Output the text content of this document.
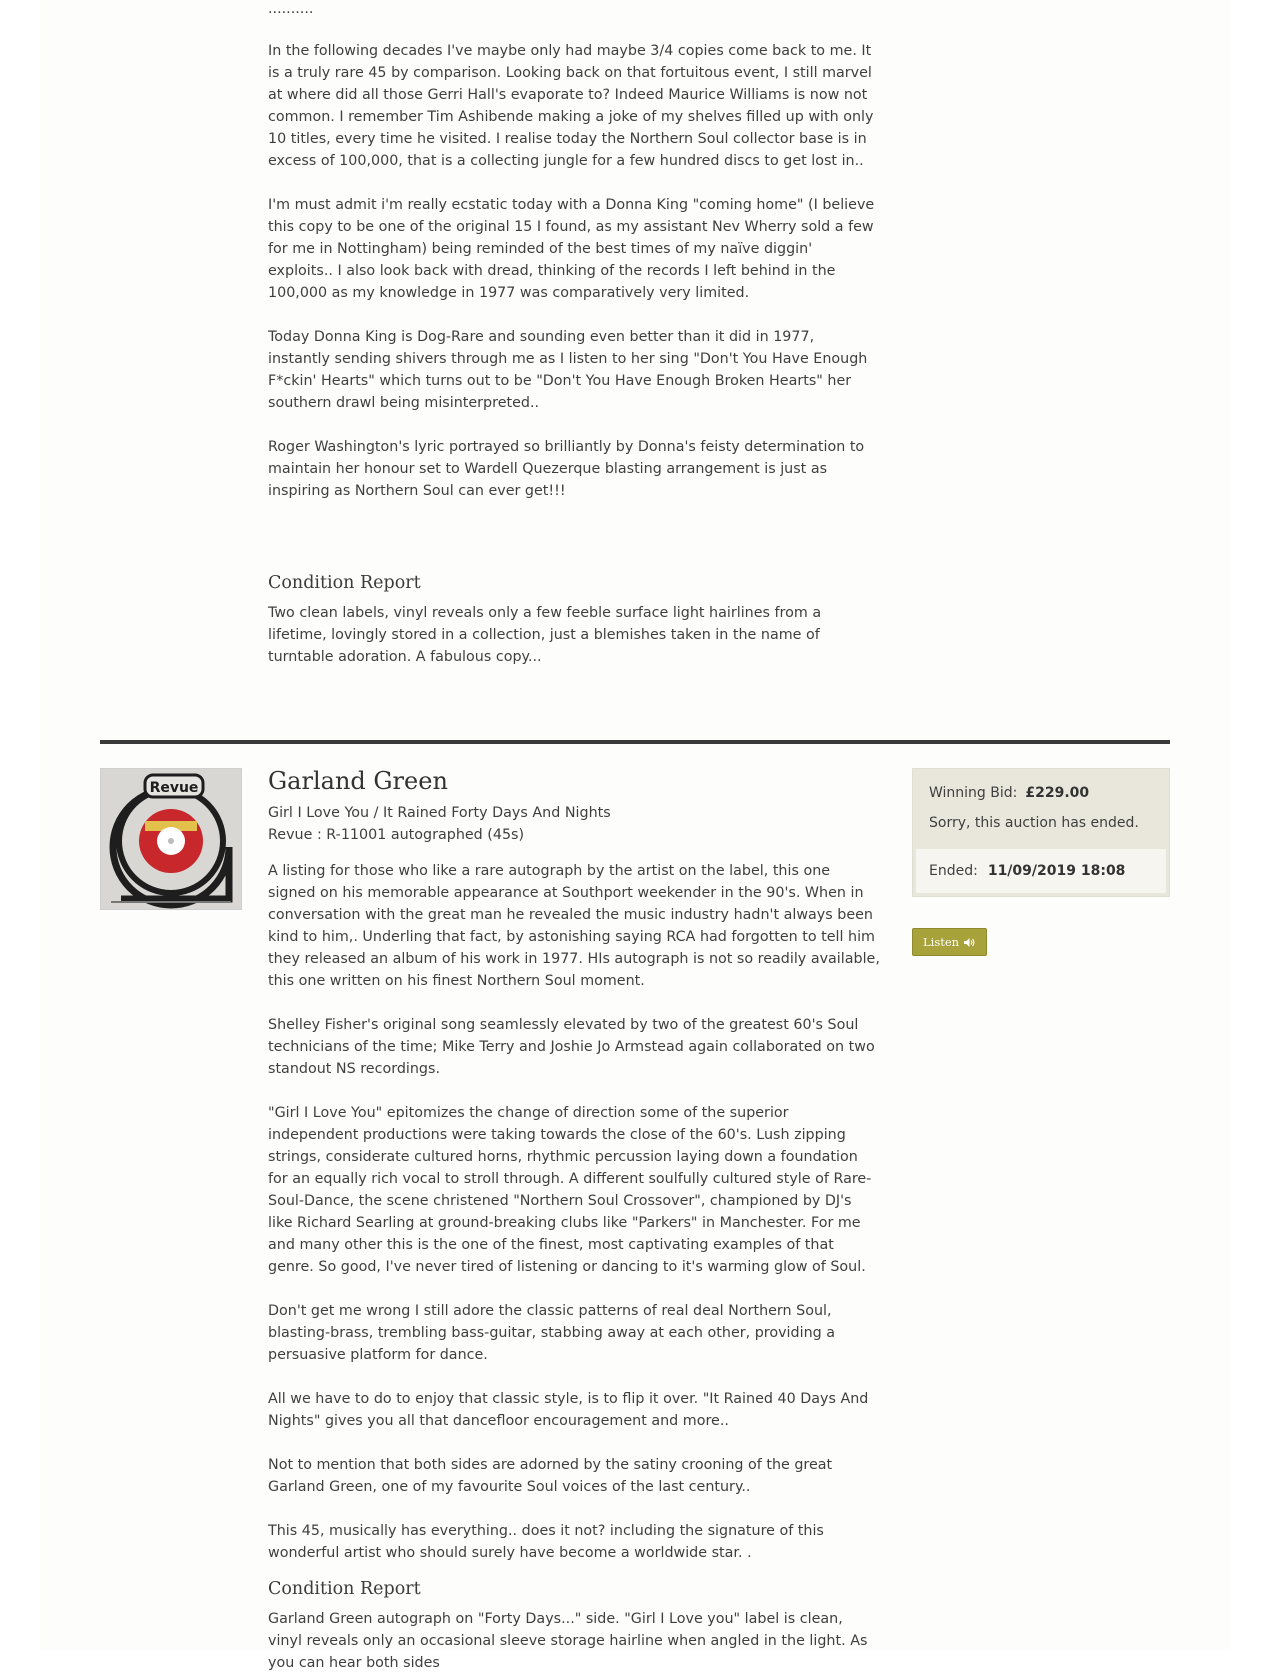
..........

In the following decades I've maybe only had maybe 3/4 copies come back to me. It is a truly rare 45 by comparison. Looking back on that fortuitous event, I still marvel at where did all those Gerri Hall's evaporate to? Indeed Maurice Williams is now not common. I remember Tim Ashibende making a joke of my shelves filled up with only 10 titles, every time he visited. I realise today the Northern Soul collector base is in excess of 100,000, that is a collecting jungle for a few hundred discs to get lost in..

I'm must admit i'm really ecstatic today with a Donna King "coming home" (I believe this copy to be one of the original 15 I found, as my assistant Nev Wherry sold a few for me in Nottingham) being reminded of the best times of my naïve diggin' exploits.. I also look back with dread, thinking of the records I left behind in the 100,000 as my knowledge in 1977 was comparatively very limited.

Today Donna King is Dog-Rare and sounding even better than it did in 1977, instantly sending shivers through me as I listen to her sing "Don't You Have Enough F*ckin' Hearts" which turns out to be "Don't You Have Enough Broken Hearts" her southern drawl being misinterpreted..

Roger Washington's lyric portrayed so brilliantly by Donna's feisty determination to maintain her honour set to Wardell Quezerque blasting arrangement is just as inspiring as Northern Soul can ever get!!!

Condition Report

Two clean labels, vinyl reveals only a few feeble surface light hairlines from a lifetime, lovingly stored in a collection, just a blemishes taken in the name of turntable adoration. A fabulous copy...

Revue	Garland Green

Girl I Love You / It Rained Forty Days And Nights

Revue : R-11001 autographed (45s)

A listing for those who like a rare autograph by the artist on the label, this one signed on his memorable appearance at Southport weekender in the 90's. When in conversation with the great man he revealed the music industry hadn't always been kind to him,. Underling that fact, by astonishing saying RCA had forgotten to tell him they released an album of his work in 1977. HIs autograph is not so readily available, this one written on his finest Northern Soul moment.

Shelley Fisher's original song seamlessly elevated by two of the greatest 60's Soul technicians of the time; Mike Terry and Joshie Jo Armstead again collaborated on two standout NS recordings.

"Girl I Love You" epitomizes the change of direction some of the superior independent productions were taking towards the close of the 60's. Lush zipping strings, considerate cultured horns, rhythmic percussion laying down a foundation for an equally rich vocal to stroll through. A different soulfully cultured style of Rare-Soul-Dance, the scene christened "Northern Soul Crossover", championed by DJ's like Richard Searling at ground-breaking clubs like "Parkers" in Manchester. For me and many other this is the one of the finest, most captivating examples of that genre. So good, I've never tired of listening or dancing to it's warming glow of Soul.

Don't get me wrong I still adore the classic patterns of real deal Northern Soul, blasting-brass, trembling bass-guitar, stabbing away at each other, providing a persuasive platform for dance.

All we have to do to enjoy that classic style, is to flip it over. "It Rained 40 Days And Nights" gives you all that dancefloor encouragement and more..

Not to mention that both sides are adorned by the satiny crooning of the great Garland Green, one of my favourite Soul voices of the last century..

This 45, musically has everything.. does it not? including the signature of this wonderful artist who should surely have become a worldwide star. .

Condition Report

Garland Green autograph on "Forty Days..." side. "Girl I Love you" label is clean, vinyl reveals only an occasional sleeve storage hairline when angled in the light. As you can hear both sides

Winning Bid: £229.00
Sorry, this auction has ended.
Ended: 11/09/2019 18:08
Listen
